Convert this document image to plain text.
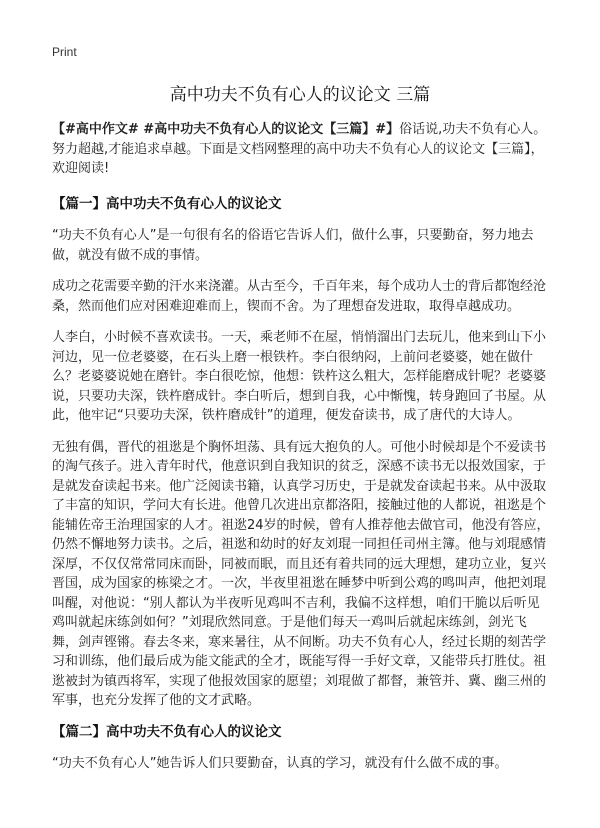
Print
高中功夫不负有心人的议论文 三篇

【#高中作文# #高中功夫不负有心人的议论文【三篇】#】俗话说,功夫不负有心人。努力超越,才能追求卓越。下面是文档网整理的高中功夫不负有心人的议论文【三篇】，欢迎阅读!

【篇一】高中功夫不负有心人的议论文

“功夫不负有心人”是一句很有名的俗语它告诉人们，做什么事，只要勤奋，努力地去做，就没有做不成的事情。

成功之花需要辛勤的汗水来浇灌。从古至今，千百年来，每个成功人士的背后都饱经沧桑，然而他们应对困难迎难而上，锲而不舍。为了理想奋发进取，取得卓越成功。

人李白，小时候不喜欢读书。一天，乘老师不在屋，悄悄溜出门去玩儿，他来到山下小河边，见一位老婆婆，在石头上磨一根铁杵。李白很纳闷，上前问老婆婆，她在做什么？老婆婆说她在磨针。李白很吃惊，他想：铁杵这么粗大，怎样能磨成针呢？老婆婆说，只要功夫深，铁杵磨成针。李白听后，想到自我，心中惭愧，转身跑回了书屋。从此，他牢记“只要功夫深，铁杵磨成针”的道理，便发奋读书，成了唐代的大诗人。

无独有偶，晋代的祖逖是个胸怀坦荡、具有远大抱负的人。可他小时候却是个不爱读书的淘气孩子。进入青年时代，他意识到自我知识的贫乏，深感不读书无以报效国家，于是就发奋读起书来。他广泛阅读书籍，认真学习历史，于是就发奋读起书来。从中汲取了丰富的知识，学问大有长进。他曾几次进出京都洛阳，接触过他的人都说，祖逖是个能辅佐帝王治理国家的人才。祖逖24岁的时候，曾有人推荐他去做官司，他没有答应，仍然不懈地努力读书。之后，祖逖和幼时的好友刘琨一同担任司州主簿。他与刘琨感情深厚，不仅仅常常同床而卧，同被而眠，而且还有着共同的远大理想，建功立业，复兴晋国，成为国家的栋梁之才。一次，半夜里祖逖在睡梦中听到公鸡的鸣叫声，他把刘琨叫醒，对他说：“别人都认为半夜听见鸡叫不吉利，我偏不这样想，咱们干脆以后听见鸡叫就起床练剑如何？”刘琨欣然同意。于是他们每天一鸡叫后就起床练剑，剑光飞舞，剑声铿锵。春去冬来，寒来暑往，从不间断。功夫不负有心人，经过长期的刻苦学习和训练，他们最后成为能文能武的全才，既能写得一手好文章，又能带兵打胜仗。祖逖被封为镇西将军，实现了他报效国家的愿望；刘琨做了都督，兼管并、冀、幽三州的军事，也充分发挥了他的文才武略。

【篇二】高中功夫不负有心人的议论文

“功夫不负有心人”她告诉人们只要勤奋，认真的学习，就没有什么做不成的事。
